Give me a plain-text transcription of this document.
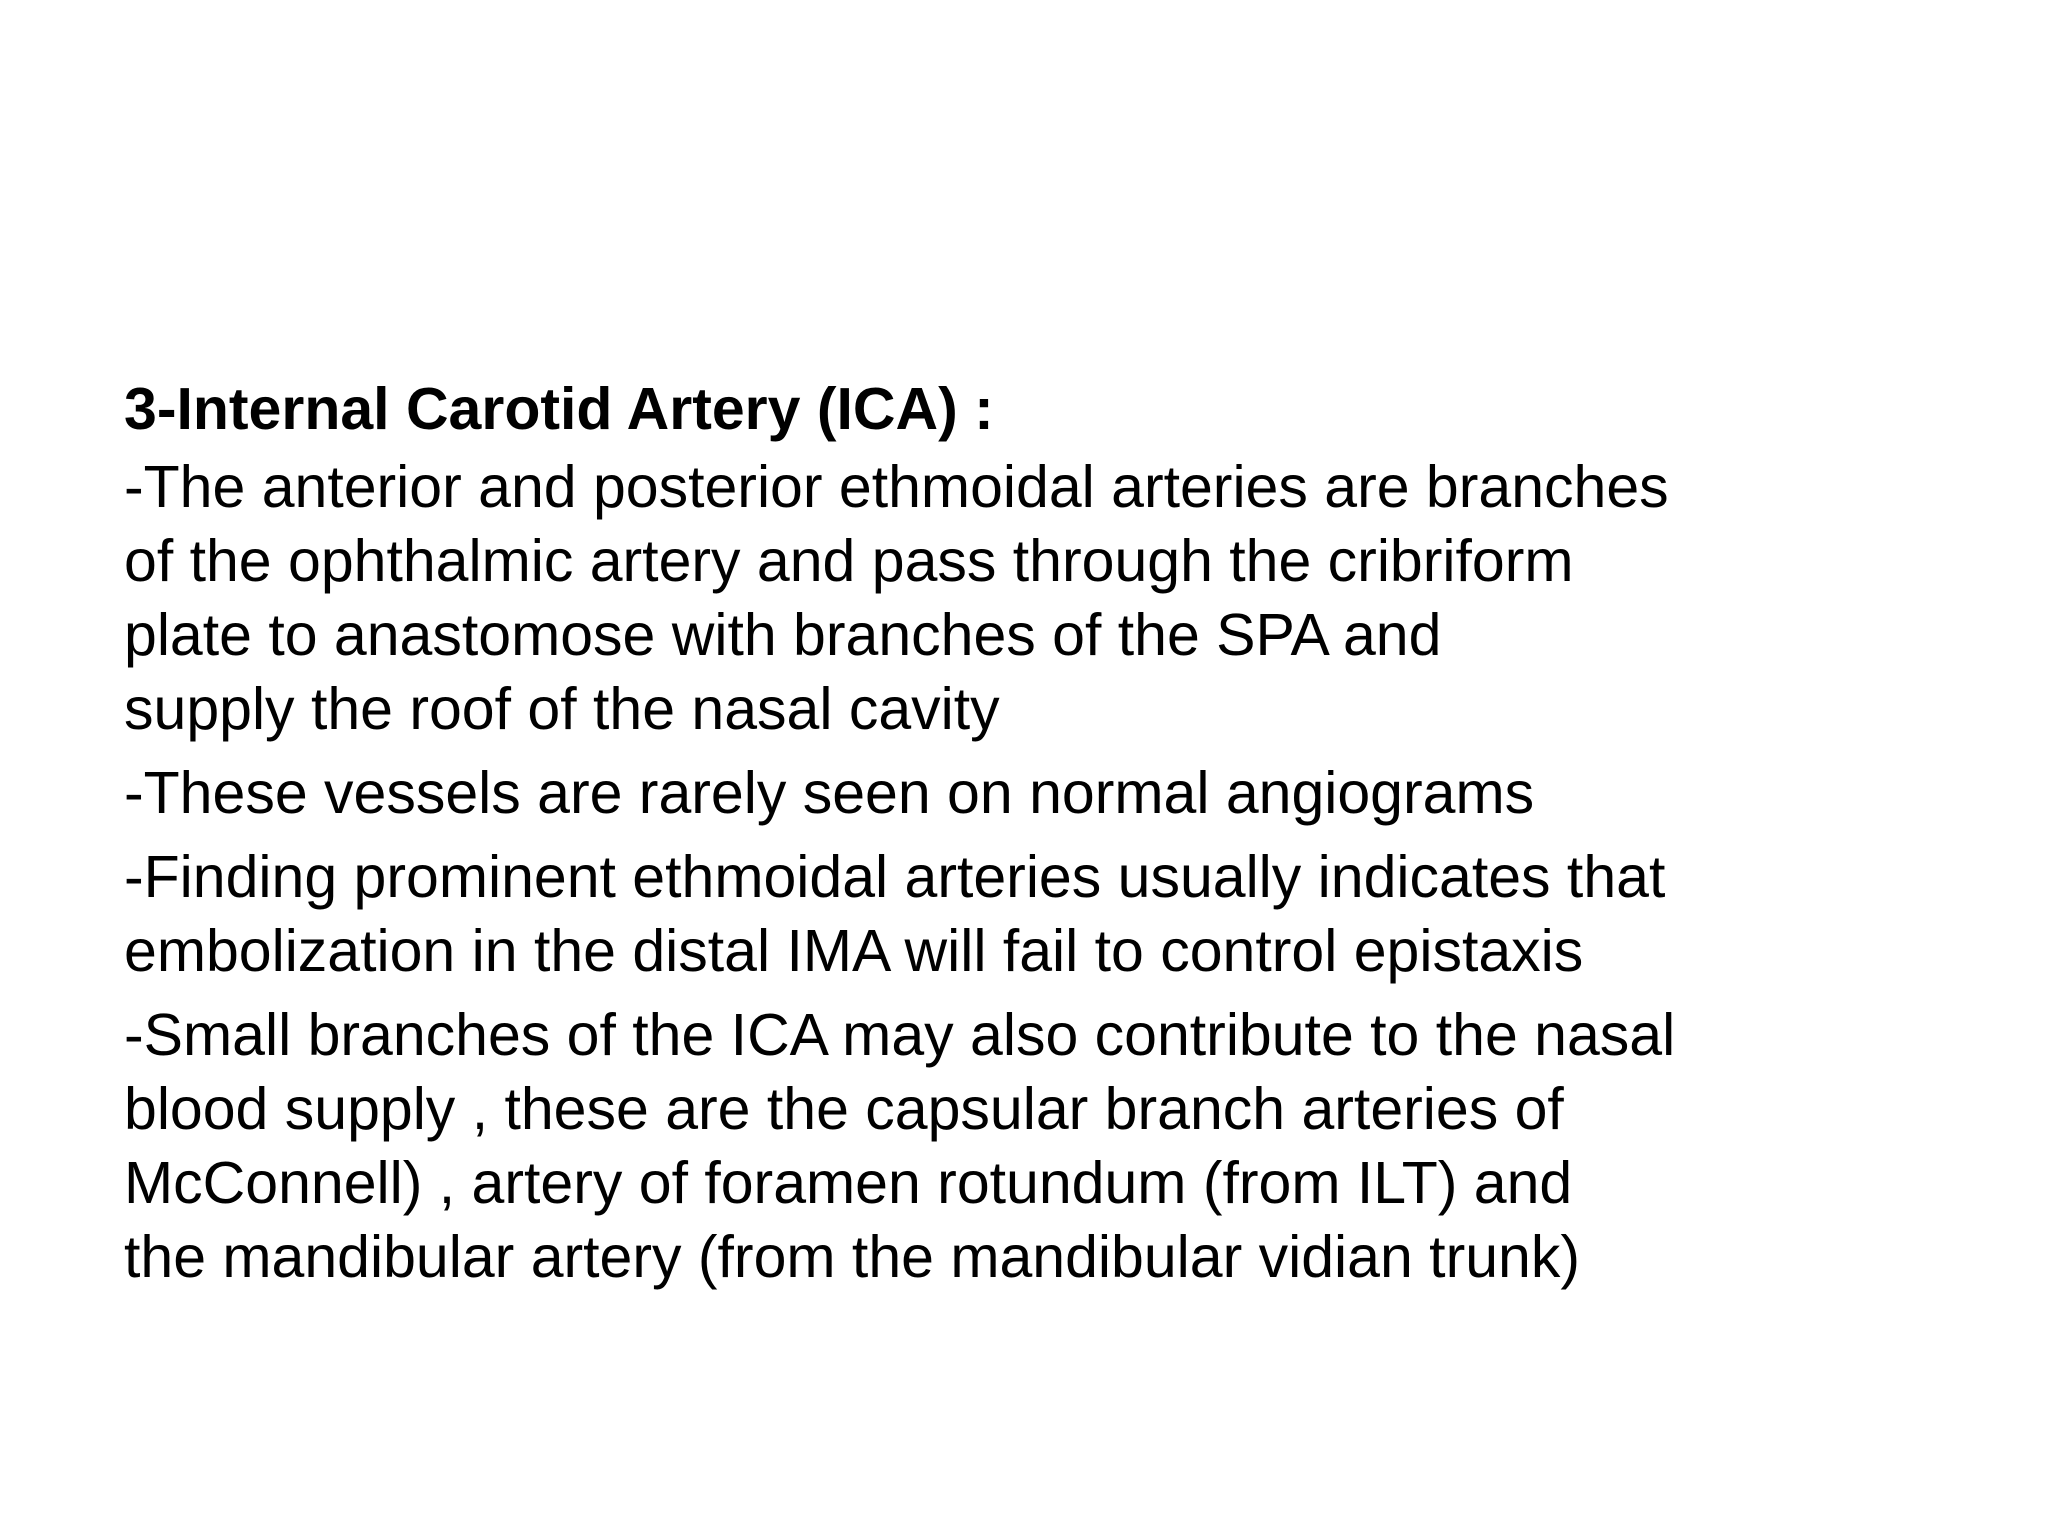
3-Internal Carotid Artery (ICA) :
-The anterior and posterior ethmoidal arteries are branches
of the ophthalmic artery and pass through the cribriform
plate to anastomose with branches of the SPA and
supply the roof of the nasal cavity
-These vessels are rarely seen on normal angiograms
-Finding prominent ethmoidal arteries usually indicates that
embolization in the distal IMA will fail to control epistaxis
-Small branches of the ICA may also contribute to the nasal
blood supply , these are the capsular branch arteries of
McConnell) , artery of foramen rotundum (from ILT) and
the mandibular artery (from the mandibular vidian trunk)
